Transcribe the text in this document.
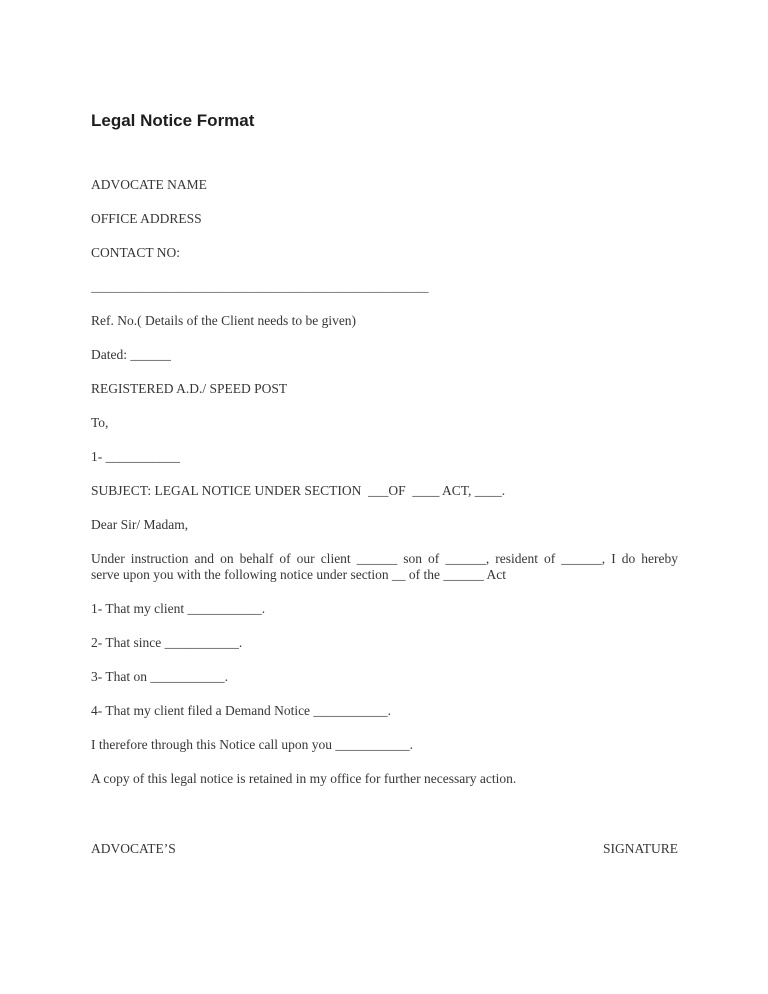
Legal Notice Format
ADVOCATE NAME
OFFICE ADDRESS
CONTACT NO:
__________________________________________________
Ref. No.( Details of the Client needs to be given)
Dated: ______
REGISTERED A.D./ SPEED POST
To,
1- ___________
SUBJECT: LEGAL NOTICE UNDER SECTION  ___OF  ____ ACT, ____.
Dear Sir/ Madam,
Under instruction and on behalf of our client ______ son of ______, resident of ______, I do hereby
serve upon you with the following notice under section __ of the ______ Act
1- That my client ___________.
2- That since ___________.
3- That on ___________.
4- That my client filed a Demand Notice ___________.
I therefore through this Notice call upon you ___________.
A copy of this legal notice is retained in my office for further necessary action.
ADVOCATE’S	SIGNATURE
